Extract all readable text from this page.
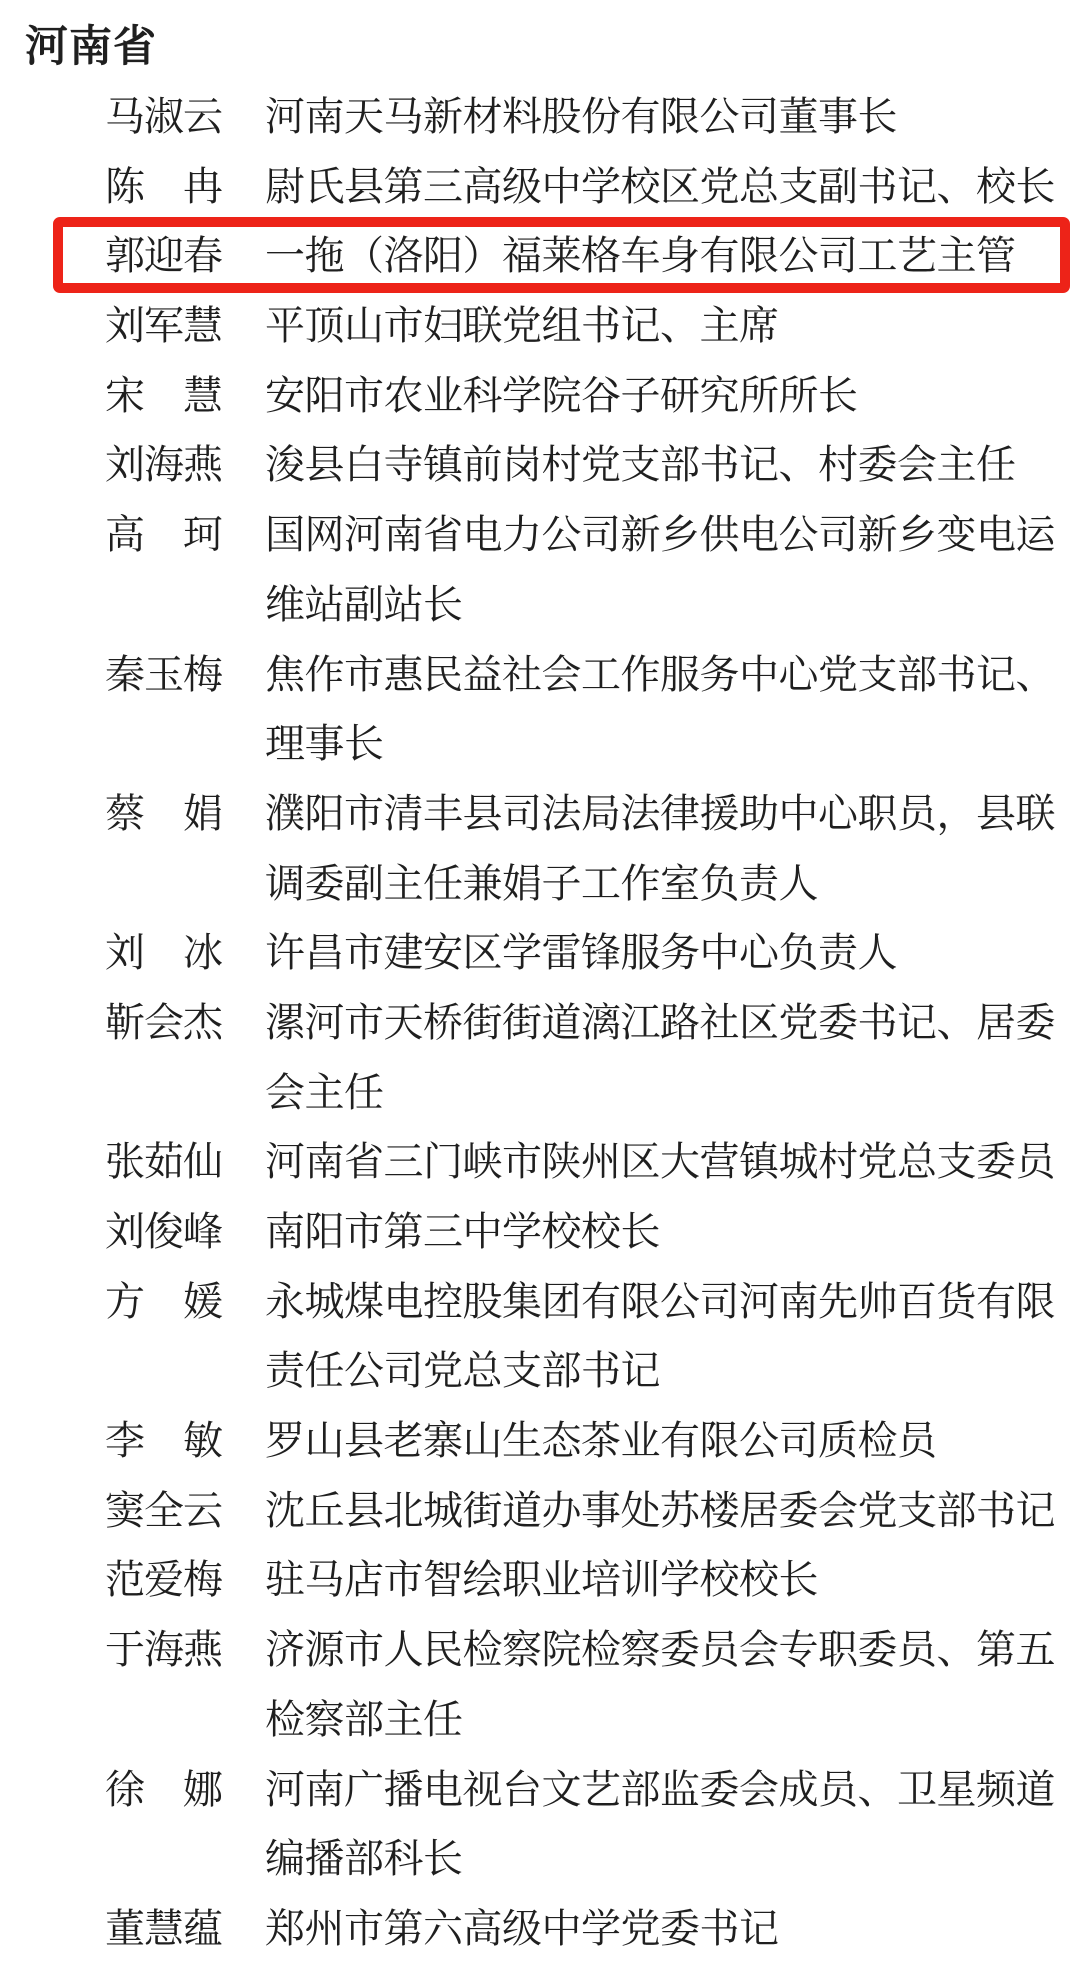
河南省
马淑云 河南天马新材料股份有限公司董事长
陈　冉 尉氏县第三高级中学校区党总支副书记、校长
郭迎春 一拖（洛阳）福莱格车身有限公司工艺主管
刘军慧 平顶山市妇联党组书记、主席
宋　慧 安阳市农业科学院谷子研究所所长
刘海燕 浚县白寺镇前岗村党支部书记、村委会主任
高　珂 国网河南省电力公司新乡供电公司新乡变电运
维站副站长
秦玉梅 焦作市惠民益社会工作服务中心党支部书记、
理事长
蔡　娟 濮阳市清丰县司法局法律援助中心职员，县联
调委副主任兼娟子工作室负责人
刘　冰 许昌市建安区学雷锋服务中心负责人
靳会杰 漯河市天桥街街道漓江路社区党委书记、居委
会主任
张茹仙 河南省三门峡市陕州区大营镇城村党总支委员
刘俊峰 南阳市第三中学校校长
方　媛 永城煤电控股集团有限公司河南先帅百货有限
责任公司党总支部书记
李　敏 罗山县老寨山生态茶业有限公司质检员
窦全云 沈丘县北城街道办事处苏楼居委会党支部书记
范爱梅 驻马店市智绘职业培训学校校长
于海燕 济源市人民检察院检察委员会专职委员、第五
检察部主任
徐　娜 河南广播电视台文艺部监委会成员、卫星频道
编播部科长
董慧蕴 郑州市第六高级中学党委书记
